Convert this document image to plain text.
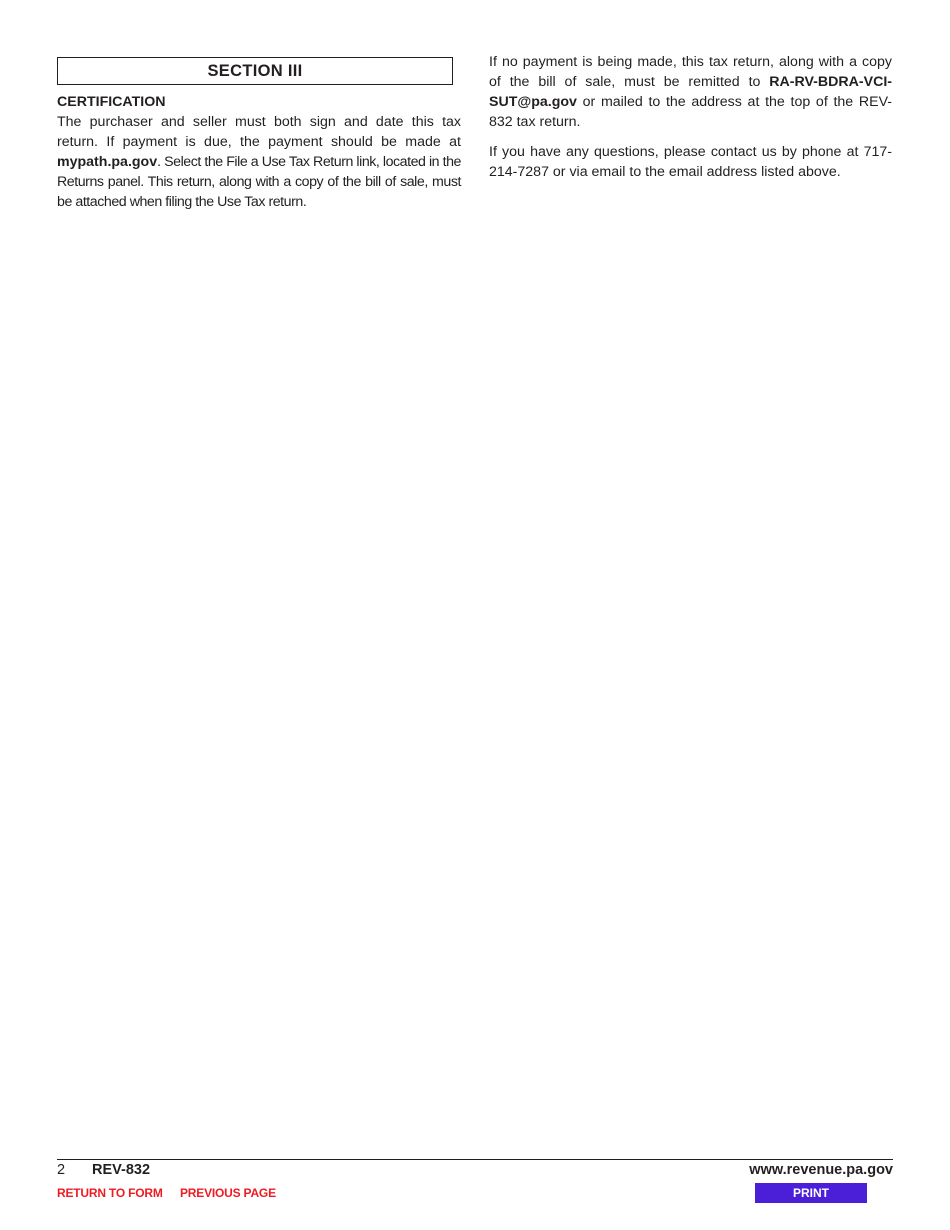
SECTION III
CERTIFICATION

The purchaser and seller must both sign and date this tax return. If payment is due, the payment should be made at mypath.pa.gov. Select the File a Use Tax Return link, located in the Returns panel. This return, along with a copy of the bill of sale, must be attached when filing the Use Tax return.

If no payment is being made, this tax return, along with a copy of the bill of sale, must be remitted to RA-RV-BDRA-VCI-SUT@pa.gov or mailed to the address at the top of the REV-832 tax return.

If you have any questions, please contact us by phone at 717-214-7287 or via email to the email address listed above.

2 REV-832	www.revenue.pa.gov
RETURN TO FORM PREVIOUS PAGE	PRINT
